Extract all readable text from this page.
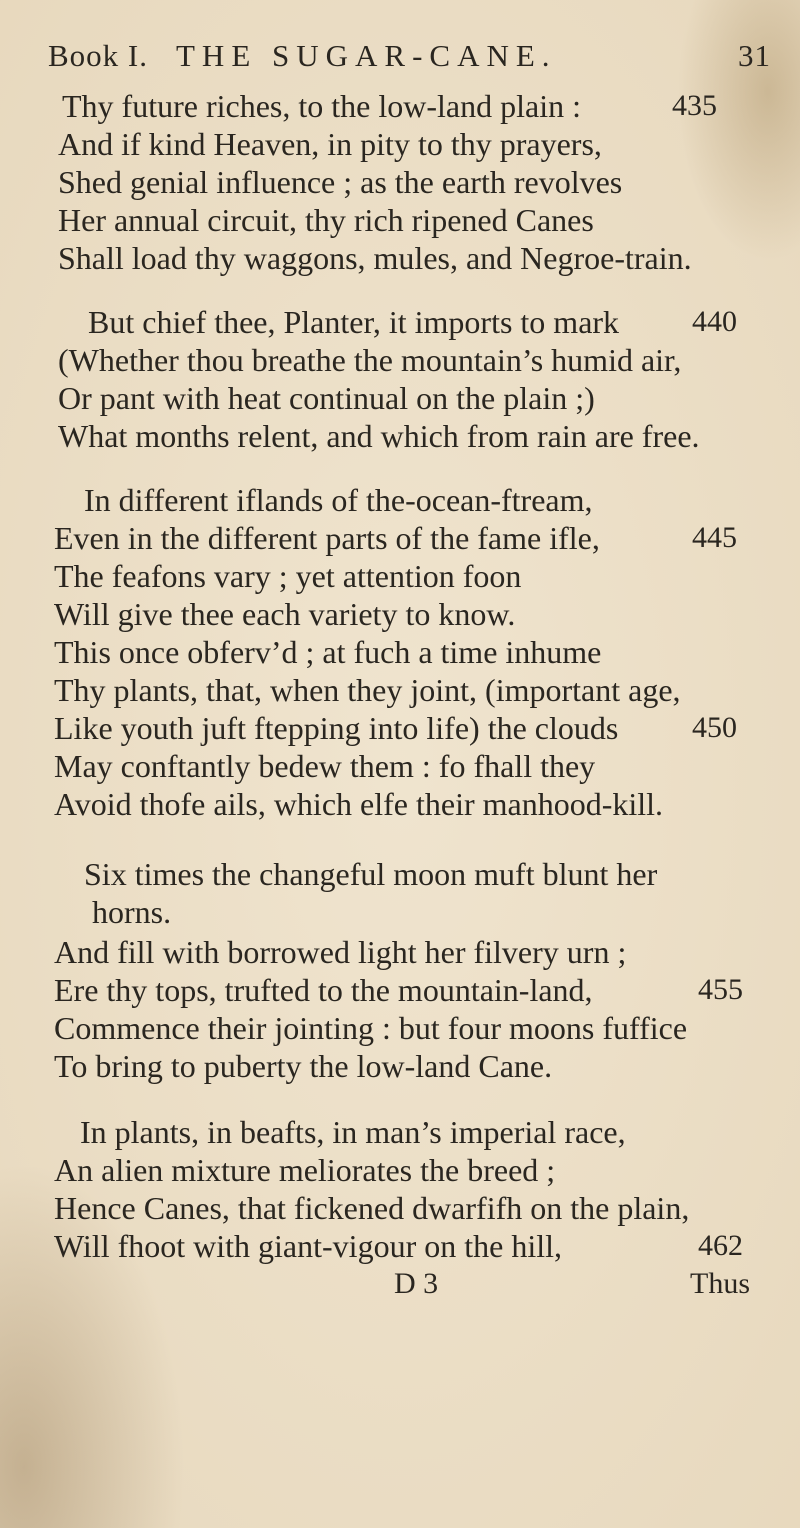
Book I. THE SUGAR-CANE.	31
Thy future riches, to the low-land plain :	435
And if kind Heaven, in pity to thy prayers,
Shed genial influence ; as the earth revolves
Her annual circuit, thy rich ripened Canes
Shall load thy waggons, mules, and Negroe-train.
But chief thee, Planter, it imports to mark 440
(Whether thou breathe the mountain’s humid air,
Or pant with heat continual on the plain ;)
What months relent, and which from rain are free.
In different iflands of the-ocean-ftream,
Even in the different parts of the fame ifle,	445
The feafons vary ; yet attention foon
Will give thee each variety to know.
This once obferv’d ; at fuch a time inhume
Thy plants, that, when they joint, (important age,
Like youth juft ftepping into life) the clouds 450
May conftantly bedew them : fo fhall they
Avoid thofe ails, which elfe their manhood-kill.
Six times the changeful moon muft blunt her
horns.
And fill with borrowed light her filvery urn ;
Ere thy tops, trufted to the mountain-land,	455
Commence their jointing : but four moons fuffice
To bring to puberty the low-land Cane.
In plants, in beafts, in man’s imperial race,
An alien mixture meliorates the breed ;
Hence Canes, that fickened dwarfifh on the plain,
Will fhoot with giant-vigour on the hill,	462
D 3	Thus
